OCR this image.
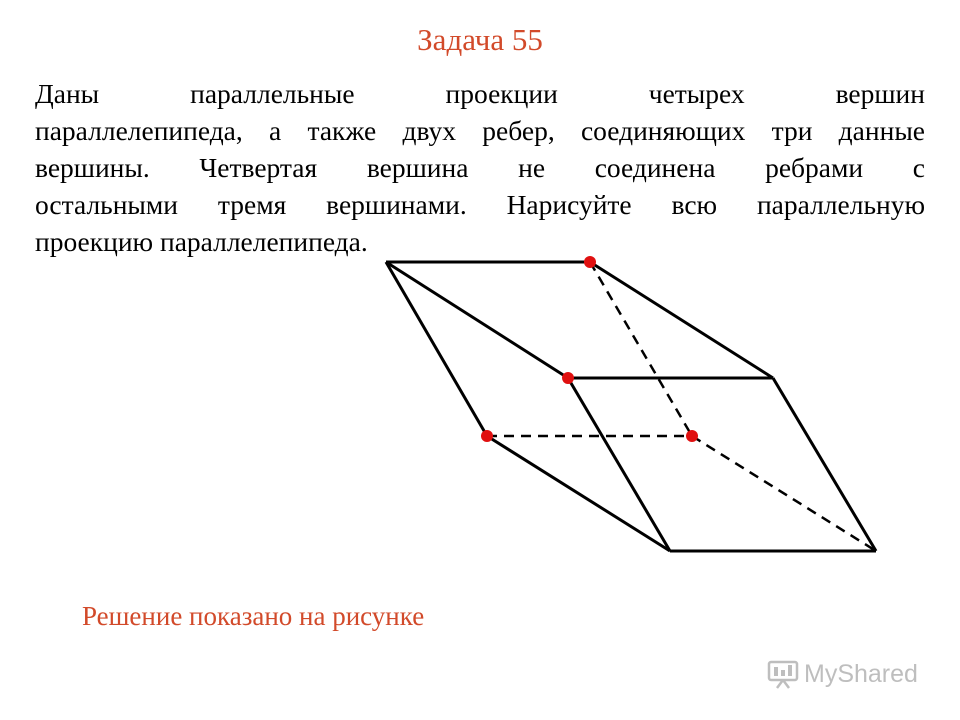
Задача 55
Даны параллельные проекции четырех вершин
параллелепипеда, а также двух ребер, соединяющих три данные
вершины. Четвертая вершина не соединена ребрами с
остальными тремя вершинами. Нарисуйте всю параллельную
проекцию параллелепипеда.
Решение показано на рисунке
MyShared
